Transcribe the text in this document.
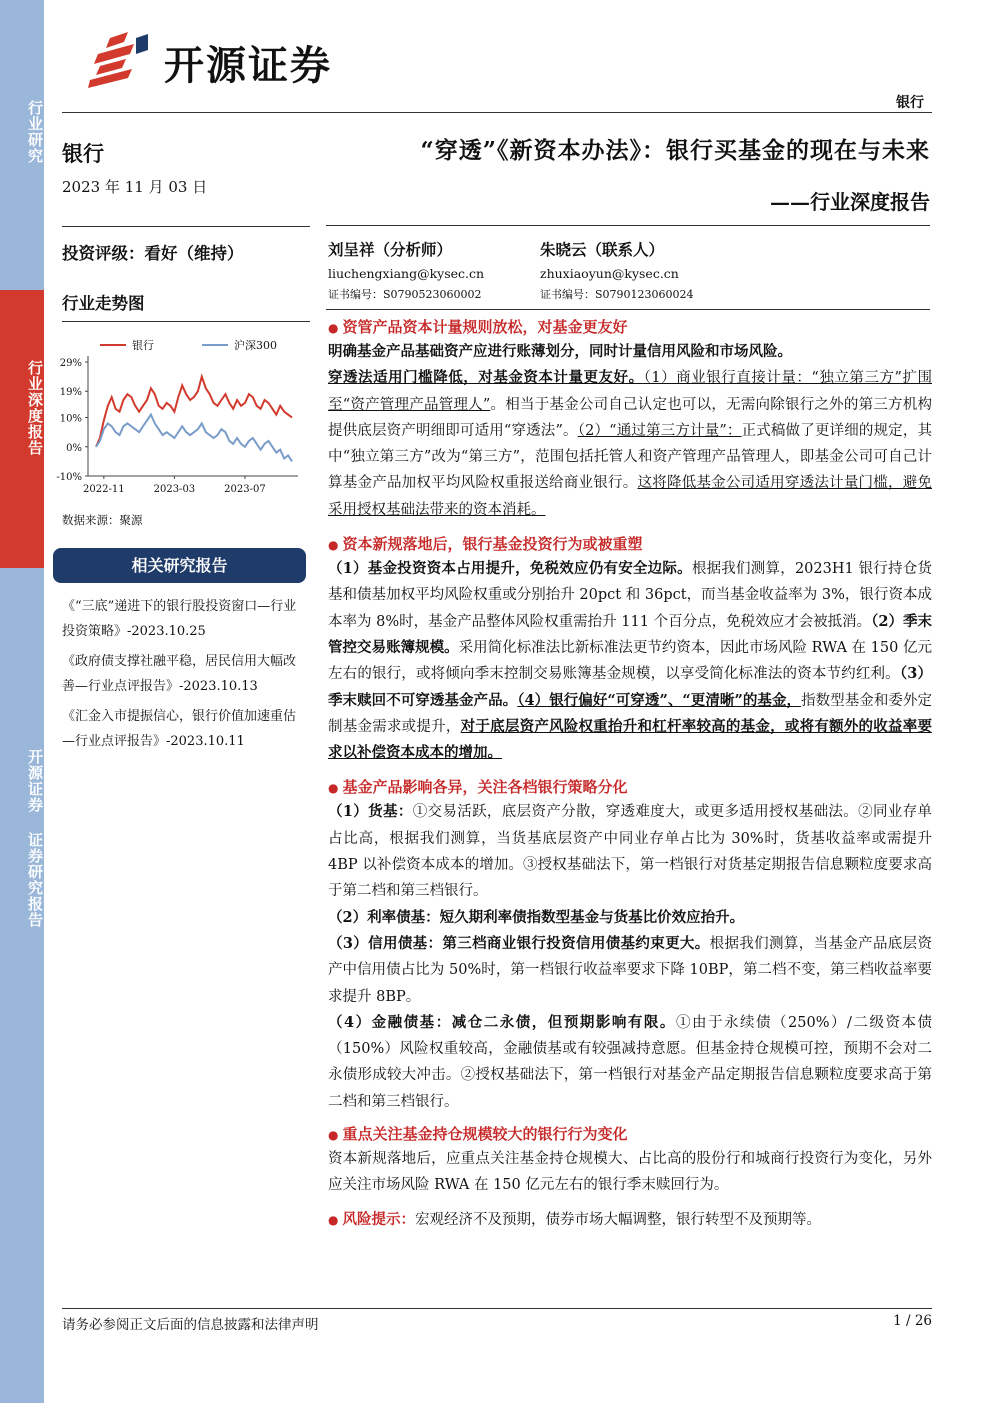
行业研究
行业深度报告
开源证券 证券研究报告
开源证券
银行
银行
2023 年 11 月 03 日
投资评级：看好（维持）
行业走势图
29%
19%
10%
0%
-10%
2022-11	2023-03	2023-07
银行	沪深300
数据来源：聚源
相关研究报告
《“三底”递进下的银行股投资窗口—行业投资策略》-2023.10.25
《政府债支撑社融平稳，居民信用大幅改善—行业点评报告》-2023.10.13
《汇金入市提振信心，银行价值加速重估—行业点评报告》-2023.10.11
“穿透”《新资本办法》：银行买基金的现在与未来
——行业深度报告
刘呈祥（分析师）
liuchengxiang@kysec.cn
证书编号：S0790523060002
朱晓云（联系人）
zhuxiaoyun@kysec.cn
证书编号：S0790123060024
● 资管产品资本计量规则放松，对基金更友好
明确基金产品基础资产应进行账薄划分，同时计量信用风险和市场风险。
穿透法适用门槛降低，对基金资本计量更友好。（1）商业银行直接计量：“独立第三方”扩围至“资产管理产品管理人”。相当于基金公司自己认定也可以，无需向除银行之外的第三方机构提供底层资产明细即可适用“穿透法”。（2）“通过第三方计量”：正式稿做了更详细的规定，其中“独立第三方”改为“第三方”，范围包括托管人和资产管理产品管理人，即基金公司可自己计算基金产品加权平均风险权重报送给商业银行。这将降低基金公司适用穿透法计量门槛，避免采用授权基础法带来的资本消耗。
● 资本新规落地后，银行基金投资行为或被重塑
（1）基金投资资本占用提升，免税效应仍有安全边际。根据我们测算，2023H1 银行持仓货基和债基加权平均风险权重或分别抬升 20pct 和 36pct，而当基金收益率为 3%，银行资本成本率为 8%时，基金产品整体风险权重需抬升 111 个百分点，免税效应才会被抵消。（2）季末管控交易账簿规模。采用简化标准法比新标准法更节约资本，因此市场风险 RWA 在 150 亿元左右的银行，或将倾向季末控制交易账簿基金规模，以享受简化标准法的资本节约红利。（3）季末赎回不可穿透基金产品。（4）银行偏好“可穿透”、“更清晰”的基金，指数型基金和委外定制基金需求或提升，对于底层资产风险权重抬升和杠杆率较高的基金，或将有额外的收益率要求以补偿资本成本的增加。
● 基金产品影响各异，关注各档银行策略分化
（1）货基：①交易活跃，底层资产分散，穿透难度大，或更多适用授权基础法。②同业存单占比高，根据我们测算，当货基底层资产中同业存单占比为 30%时，货基收益率或需提升 4BP 以补偿资本成本的增加。③授权基础法下，第一档银行对货基定期报告信息颗粒度要求高于第二档和第三档银行。
（2）利率债基：短久期利率债指数型基金与货基比价效应抬升。
（3）信用债基：第三档商业银行投资信用债基约束更大。根据我们测算，当基金产品底层资产中信用债占比为 50%时，第一档银行收益率要求下降 10BP，第二档不变，第三档收益率要求提升 8BP。
（4）金融债基：减仓二永债，但预期影响有限。①由于永续债（250%）/二级资本债（150%）风险权重较高，金融债基或有较强减持意愿。但基金持仓规模可控，预期不会对二永债形成较大冲击。②授权基础法下，第一档银行对基金产品定期报告信息颗粒度要求高于第二档和第三档银行。
● 重点关注基金持仓规模较大的银行行为变化
资本新规落地后，应重点关注基金持仓规模大、占比高的股份行和城商行投资行为变化，另外应关注市场风险 RWA 在 150 亿元左右的银行季末赎回行为。
● 风险提示：宏观经济不及预期，债券市场大幅调整，银行转型不及预期等。
请务必参阅正文后面的信息披露和法律声明	1 / 26
